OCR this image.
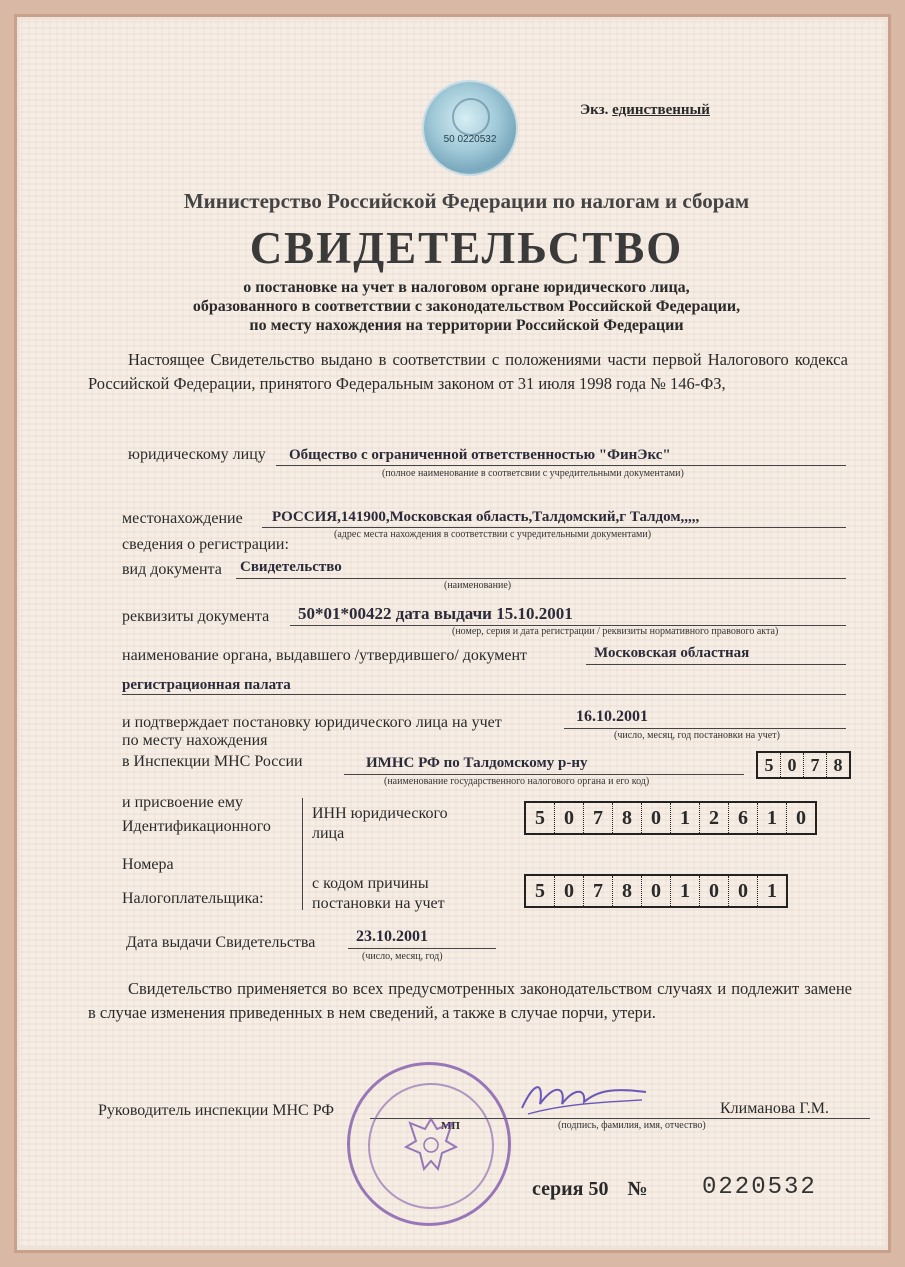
50 0220532
Экз. единственный
Министерство Российской Федерации по налогам и сборам
СВИДЕТЕЛЬСТВО
о постановке на учет в налоговом органе юридического лица,
образованного в соответствии с законодательством Российской Федерации,
по месту нахождения на территории Российской Федерации
Настоящее Свидетельство выдано в соответствии с положениями части первой Налогового кодекса Российской Федерации, принятого Федеральным законом от 31 июля 1998 года № 146-ФЗ,
юридическому лицу Общество с ограниченной ответственностью "ФинЭкс"
(полное наименование в соответсвии с учредительными документами)
местонахождение РОССИЯ,141900,Московская область,Талдомский,г Талдом,,,,,
(адрес места нахождения в соответствии с учредительными документами)
сведения о регистрации:
вид документа Свидетельство
(наименование)
реквизиты документа 50*01*00422 дата выдачи 15.10.2001
(номер, серия и дата регистрации / реквизиты нормативного правового акта)
наименование органа, выдавшего /утвердившего/ документ	Московская областная
регистрационная палата
и подтверждает постановку юридического лица на учет	16.10.2001
(число, месяц, год постановки на учет)
по месту нахождения
в Инспекции МНС России	ИМНС РФ по Талдомскому р-ну	5 0 7 8
(наименование государственного налогового органа и его код)
и присвоение ему
Идентификационного
Номера
Налогоплательщика:
ИНН юридического
лица
5 0 7 8 0 1 2 6 1 0
с кодом причины
постановки на учет
5 0 7 8 0 1 0 0 1
Дата выдачи Свидетельства	23.10.2001
(число, месяц, год)
Свидетельство применяется во всех предусмотренных законодательством случаях и подлежит замене в случае изменения приведенных в нем сведений, а также в случае порчи, утери.
Руководитель инспекции МНС РФ
МП	(подпись, фамилия, имя, отчество)
Климанова Г.М.
серия 50 № 0220532
